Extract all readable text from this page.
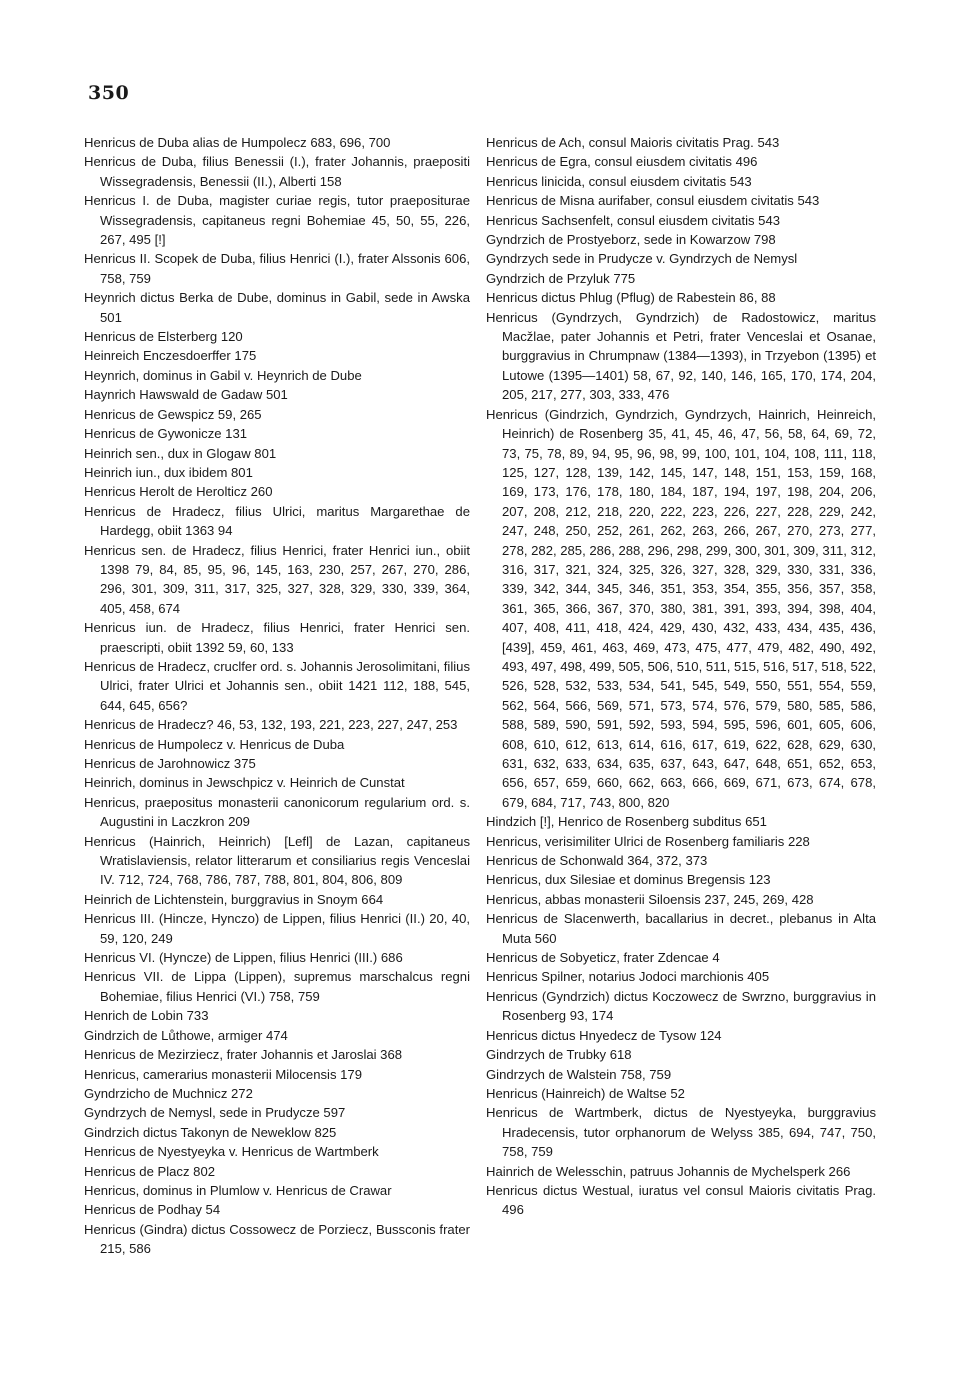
350

Henricus de Duba alias de Humpolecz 683, 696, 700

Henricus de Duba, filius Benessii (I.), frater Johannis, praepositi Wissegradensis, Benessii (II.), Alberti 158

Henricus I. de Duba, magister curiae regis, tutor praepositurae Wissegradensis, capitaneus regni Bohemiae 45, 50, 55, 226, 267, 495 [!]

Henricus II. Scopek de Duba, filius Henrici (I.), frater Alssonis 606, 758, 759

Heynrich dictus Berka de Dube, dominus in Gabil, sede in Awska 501

Henricus de Elsterberg 120

Heinreich Enczesdoerffer 175

Heynrich, dominus in Gabil v. Heynrich de Dube

Haynrich Hawswald de Gadaw 501

Henricus de Gewspicz 59, 265

Henricus de Gywonicze 131

Heinrich sen., dux in Glogaw 801

Heinrich iun., dux ibidem 801

Henricus Herolt de Herolticz 260

Henricus de Hradecz, filius Ulrici, maritus Margarethae de Hardegg, obiit 1363 94

Henricus sen. de Hradecz, filius Henrici, frater Henrici iun., obiit 1398 79, 84, 85, 95, 96, 145, 163, 230, 257, 267, 270, 286, 296, 301, 309, 311, 317, 325, 327, 328, 329, 330, 339, 364, 405, 458, 674

Henricus iun. de Hradecz, filius Henrici, frater Henrici sen. praescripti, obiit 1392 59, 60, 133

Henricus de Hradecz, cruclfer ord. s. Johannis Jerosolimitani, filius Ulrici, frater Ulrici et Johannis sen., obiit 1421 112, 188, 545, 644, 645, 656?

Henricus de Hradecz? 46, 53, 132, 193, 221, 223, 227, 247, 253

Henricus de Humpolecz v. Henricus de Duba

Henricus de Jarohnowicz 375

Heinrich, dominus in Jewschpicz v. Heinrich de Cunstat

Henricus, praepositus monasterii canonicorum regularium ord. s. Augustini in Laczkron 209

Henricus (Hainrich, Heinrich) [Lefl] de Lazan, capitaneus Wratislaviensis, relator litterarum et consiliarius regis Venceslai IV. 712, 724, 768, 786, 787, 788, 801, 804, 806, 809

Heinrich de Lichtenstein, burggravius in Snoym 664

Henricus III. (Hincze, Hynczo) de Lippen, filius Henrici (II.) 20, 40, 59, 120, 249

Henricus VI. (Hyncze) de Lippen, filius Henrici (III.) 686

Henricus VII. de Lippa (Lippen), supremus marschalcus regni Bohemiae, filius Henrici (VI.) 758, 759

Henrich de Lobin 733

Gindrzich de Lůthowe, armiger 474

Henricus de Mezirziecz, frater Johannis et Jaroslai 368

Henricus, camerarius monasterii Milocensis 179

Gyndrzicho de Muchnicz 272

Gyndrzych de Nemysl, sede in Prudycze 597

Gindrzich dictus Takonyn de Neweklow 825

Henricus de Nyestyeyka v. Henricus de Wartmberk

Henricus de Placz 802

Henricus, dominus in Plumlow v. Henricus de Crawar

Henricus de Podhay 54

Henricus (Gindra) dictus Cossowecz de Porziecz, Bussconis frater 215, 586

Henricus de Ach, consul Maioris civitatis Prag. 543

Henricus de Egra, consul eiusdem civitatis 496

Henricus linicida, consul eiusdem civitatis 543

Henricus de Misna aurifaber, consul eiusdem civitatis 543

Henricus Sachsenfelt, consul eiusdem civitatis 543

Gyndrzich de Prostyeborz, sede in Kowarzow 798

Gyndrzych sede in Prudycze v. Gyndrzych de Nemysl

Gyndrzich de Przyluk 775

Henricus dictus Phlug (Pflug) de Rabestein 86, 88

Henricus (Gyndrzych, Gyndrzich) de Radostowicz, maritus Macžlae, pater Johannis et Petri, frater Venceslai et Osanae, burggravius in Chrumpnaw (1384—1393), in Trzyebon (1395) et Lutowe (1395—1401) 58, 67, 92, 140, 146, 165, 170, 174, 204, 205, 217, 277, 303, 333, 476

Henricus (Gindrzich, Gyndrzich, Gyndrzych, Hainrich, Heinreich, Heinrich) de Rosenberg 35, 41, 45, 46, 47, 56, 58, 64, 69, 72, 73, 75, 78, 89, 94, 95, 96, 98, 99, 100, 101, 104, 108, 111, 118, 125, 127, 128, 139, 142, 145, 147, 148, 151, 153, 159, 168, 169, 173, 176, 178, 180, 184, 187, 194, 197, 198, 204, 206, 207, 208, 212, 218, 220, 222, 223, 226, 227, 228, 229, 242, 247, 248, 250, 252, 261, 262, 263, 266, 267, 270, 273, 277, 278, 282, 285, 286, 288, 296, 298, 299, 300, 301, 309, 311, 312, 316, 317, 321, 324, 325, 326, 327, 328, 329, 330, 331, 336, 339, 342, 344, 345, 346, 351, 353, 354, 355, 356, 357, 358, 361, 365, 366, 367, 370, 380, 381, 391, 393, 394, 398, 404, 407, 408, 411, 418, 424, 429, 430, 432, 433, 434, 435, 436, [439], 459, 461, 463, 469, 473, 475, 477, 479, 482, 490, 492, 493, 497, 498, 499, 505, 506, 510, 511, 515, 516, 517, 518, 522, 526, 528, 532, 533, 534, 541, 545, 549, 550, 551, 554, 559, 562, 564, 566, 569, 571, 573, 574, 576, 579, 580, 585, 586, 588, 589, 590, 591, 592, 593, 594, 595, 596, 601, 605, 606, 608, 610, 612, 613, 614, 616, 617, 619, 622, 628, 629, 630, 631, 632, 633, 634, 635, 637, 643, 647, 648, 651, 652, 653, 656, 657, 659, 660, 662, 663, 666, 669, 671, 673, 674, 678, 679, 684, 717, 743, 800, 820

Hindzich [!], Henrico de Rosenberg subditus 651

Henricus, verisimiliter Ulrici de Rosenberg familiaris 228

Henricus de Schonwald 364, 372, 373

Henricus, dux Silesiae et dominus Bregensis 123

Henricus, abbas monasterii Siloensis 237, 245, 269, 428

Henricus de Slacenwerth, bacallarius in decret., plebanus in Alta Muta 560

Henricus de Sobyeticz, frater Zdencae 4

Henricus Spilner, notarius Jodoci marchionis 405

Henricus (Gyndrzich) dictus Koczowecz de Swrzno, burggravius in Rosenberg 93, 174

Henricus dictus Hnyedecz de Tysow 124

Gindrzych de Trubky 618

Gindrzych de Walstein 758, 759

Henricus (Hainreich) de Waltse 52

Henricus de Wartmberk, dictus de Nyestyeyka, burggravius Hradecensis, tutor orphanorum de Welyss 385, 694, 747, 750, 758, 759

Hainrich de Welesschin, patruus Johannis de Mychelsperk 266

Henricus dictus Westual, iuratus vel consul Maioris civitatis Prag. 496
